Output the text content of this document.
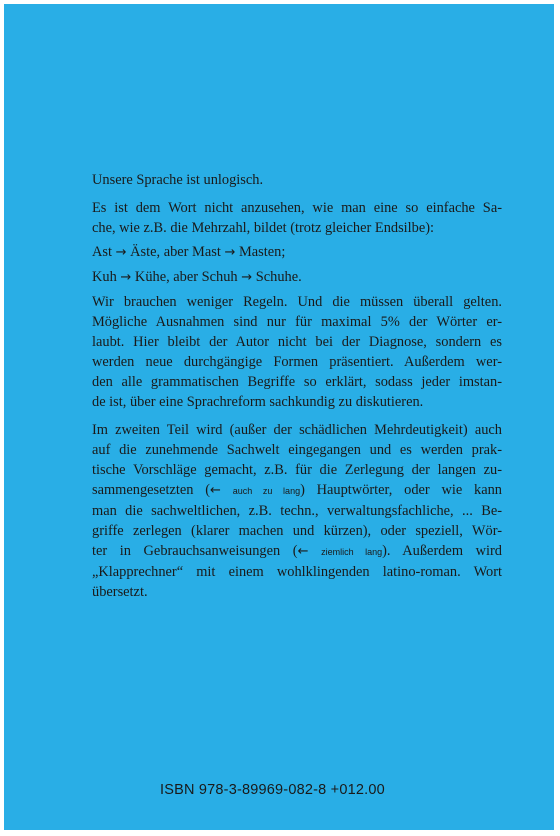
Unsere Sprache ist unlogisch.

Es ist dem Wort nicht anzusehen, wie man eine so einfache Sa-
che, wie z.B. die Mehrzahl, bildet (trotz gleicher Endsilbe):

Ast → Äste, aber Mast → Masten;

Kuh → Kühe, aber Schuh → Schuhe.

Wir brauchen weniger Regeln. Und die müssen überall gelten.
Mögliche Ausnahmen sind nur für maximal 5% der Wörter er-
laubt. Hier bleibt der Autor nicht bei der Diagnose, sondern es
werden neue durchgängige Formen präsentiert. Außerdem wer-
den alle grammatischen Begriffe so erklärt, sodass jeder imstan-
de ist, über eine Sprachreform sachkundig zu diskutieren.

Im zweiten Teil wird (außer der schädlichen Mehrdeutigkeit) auch
auf die zunehmende Sachwelt eingegangen und es werden prak-
tische Vorschläge gemacht, z.B. für die Zerlegung der langen zu-
sammengesetzten (← auch zu lang) Hauptwörter, oder wie kann
man die sachweltlichen, z.B. techn., verwaltungsfachliche, ... Be-
griffe zerlegen (klarer machen und kürzen), oder speziell, Wör-
ter in Gebrauchsanweisungen (← ziemlich lang). Außerdem wird
„Klapprechner“ mit einem wohlklingenden latino-roman. Wort
übersetzt.

ISBN 978-3-89969-082-8 +012.00
